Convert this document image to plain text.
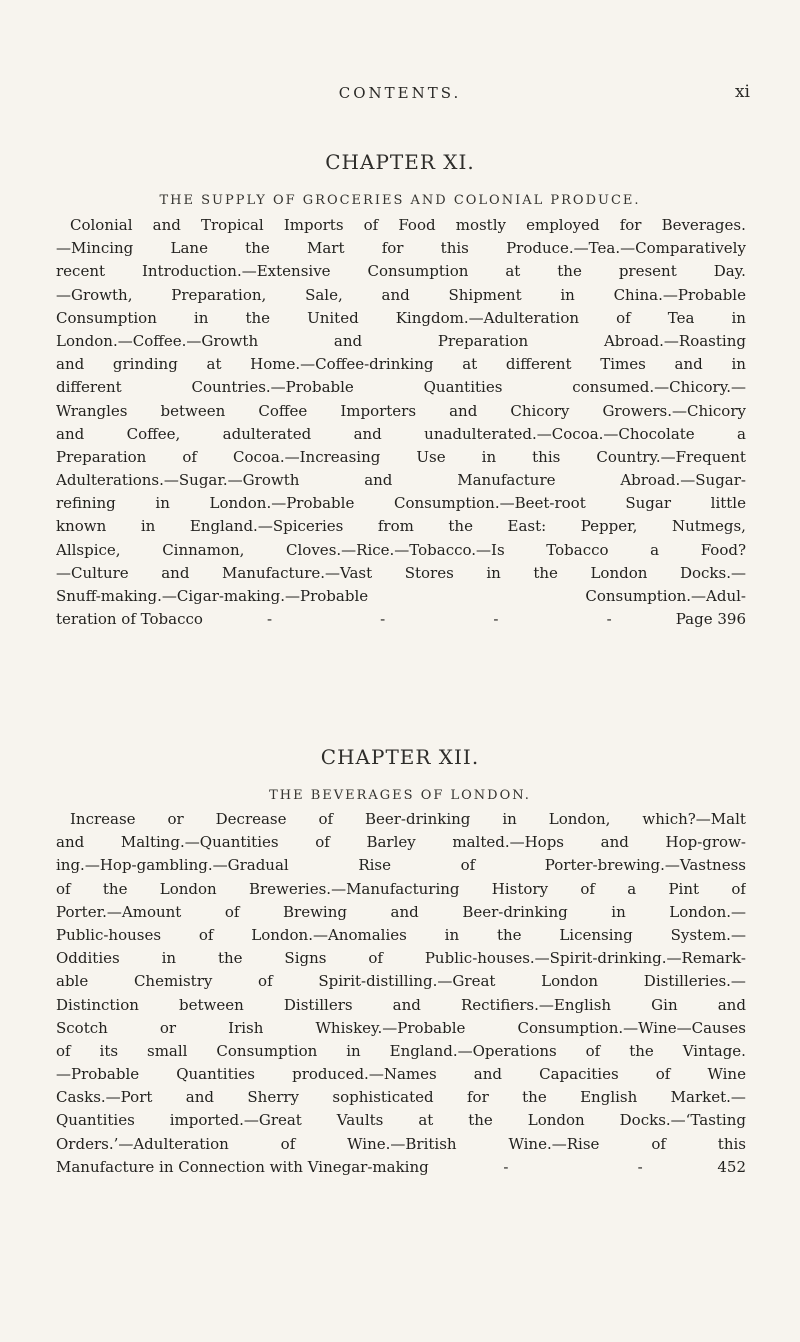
CONTENTS.	xi
CHAPTER XI.
THE SUPPLY OF GROCERIES AND COLONIAL PRODUCE.
Colonial and Tropical Imports of Food mostly employed for Beverages.
—Mincing Lane the Mart for this Produce.—Tea.—Comparatively
recent Introduction.—Extensive Consumption at the present Day.
—Growth,	Preparation,	Sale,	and	Shipment	in	China.—Probable
Consumption in the United Kingdom.—Adulteration of Tea in
London.—Coffee.—Growth	and	Preparation	Abroad.—Roasting
and grinding at Home.—Coffee-drinking at different Times and in
different	Countries.—Probable	Quantities	consumed.—Chicory.—
Wrangles between Coffee Importers and Chicory Growers.—Chicory
and	Coffee,	adulterated	and	unadulterated.—Cocoa.—Chocolate	a
Preparation of Cocoa.—Increasing Use in this Country.—Frequent
Adulterations.—Sugar.—Growth	and	Manufacture	Abroad.—Sugar-
refining	in	London.—Probable	Consumption.—Beet-root	Sugar	little
known in England.—Spiceries from the East: Pepper, Nutmegs,
Allspice,	Cinnamon,	Cloves.—Rice.—Tobacco.—Is	Tobacco	a	Food?
—Culture and Manufacture.—Vast Stores in the London Docks.—
Snuff-making.—Cigar-making.—Probable	Consumption.—Adul-
teration of Tobacco	-	-	-	-	Page 396
CHAPTER XII.
THE BEVERAGES OF LONDON.
Increase or Decrease of Beer-drinking in London, which?—Malt
and Malting.—Quantities of Barley malted.—Hops and Hop-grow-
ing.—Hop-gambling.—Gradual	Rise	of	Porter-brewing.—Vastness
of the London Breweries.—Manufacturing History of a Pint of
Porter.—Amount	of	Brewing	and	Beer-drinking	in	London.—
Public-houses	of	London.—Anomalies	in	the	Licensing	System.—
Oddities	in	the	Signs	of	Public-houses.—Spirit-drinking.—Remark-
able	Chemistry	of	Spirit-distilling.—Great	London	Distilleries.—
Distinction	between	Distillers	and	Rectifiers.—English	Gin	and
Scotch	or	Irish	Whiskey.—Probable	Consumption.—Wine—Causes
of its small Consumption in England.—Operations of the Vintage.
—Probable Quantities produced.—Names and Capacities of Wine
Casks.—Port and Sherry sophisticated for the English Market.—
Quantities imported.—Great Vaults at the London Docks.—‘Tasting
Orders.’—Adulteration	of	Wine.—British	Wine.—Rise	of	this
Manufacture in Connection with Vinegar-making	-	-	452
